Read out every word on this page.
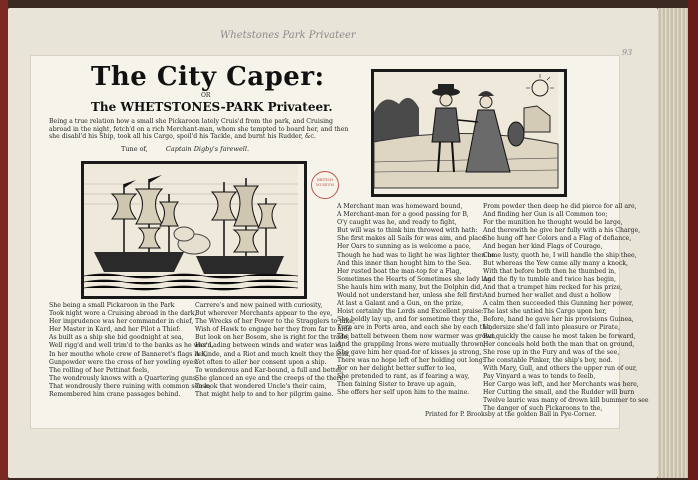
Whetstones Park Privateer
93
The City Caper:
OR
The WHETSTONES-PARK Privateer.
Being a true relation how a small she Pickaroon lately Cruis'd from the park, and Cruising abroad in the night, fetch'd on a rich Merchant-man, whom she tempted to board her, and then she disabl'd his Ship, took all his Cargo, spoil'd his Tackle, and burnt his Rudder, &c.
Tune of,	Captain Digby's farewell.
BRITISH MUSEUM

She being a small Pickaroon in the Park

Took night wore a Cruising abroad in the dark,

Her imprudence was her commander in chief,

Her Master in Kard, and her Pilot a Thief:

As built as a ship she bid goodnight at sea,

Well rigg'd and well trim'd to the banks as he was'n,

In her mouthe whole crew of Banneret's flags lies,

Gunpowder were the cross of her yowling eyes.

The rolling of her Pettinat feels,

The wondrously knows with a Quartering guns,

That wondrously there ruining with common sense,

Remembered him crane passages behind.

Carrere's and new pained with curiosity,

But wherever Merchants appear to the eye,

The Wrecks of her Power to the Stragglers to take,

Wish of Hawk to engage her they from far to hide

But look on her Bosom, she is right for the trade,

Her Lading between winds and water was laid,

A Kinde, and a Riot and much knelt they the lesk,

Yet often to aller her consent upon a ship.

To wonderous and Kar-bound, a full and better,

She glanced an eye and the creeps of the there,

To look that wondered Uncle's their caim,

That might help to and to her pilgrim gaine.

A Merchant man was homeward bound,

A Merchant-man for a good passing for B,

O'y caught was he, and ready to fight,

But will was to think him throwed with hath:

She first makes all Sails for was aim, and place

Her Oars to sunning as is welcome a pace,

Though he had was to light he was lighter then he

And this inner than hought him to the Sea.

Her rusted boat the man-top for a Flag,

Sometimes the Hearts of Sometimes she lady lag

She hauls him with many, but the Dolphin did,

Would not understand her, unless she fell first:

At last a Galant and a Gun, on the prize,

Hoist certainly the Lords and Excellent praise:

She boldly lay up, and for sometime they the,

Turn are in Ports area, and each she by each the,

The battell between them now warmer was grown,

And the grappling Irons were mutually thrown,

She gave him her quad-for of kisses ja strong,

There was no hope left of her holding out long:

For on her delight better suffer to lea,

She pretended to rant, as if fearing a way,

Then faining Sister to brave up again,

She offers her self upon him to the maine.

From powder then deep he did pierce for all are,

And finding her Gun is all Common too;

For the munition he thought would be large,

And therewith he give her fully with a his Charge,

She hung off her Colors and a Flag of defiance,

And began her kind Flags of Courage,

Come lusty, quoth he, I will handle the ship thee,

But whereas the Yew came ally many a knock,

With that before both then he thumbed in,

And the fly to tumble and twice has begin,

And that a trumpet him recked for his prize,

And burned her wallet and dust a hollow

A calm then succeeded this Gunning her power,

The last she untied his Cargo upon her,

Before, hand he gave her his provisions Guinea,

Undersize she'd fall into pleasure or Pirate,

But quickly the cause he most taken be forward,

Her conceals hold both the man that on ground,

She rose up in the Fury and was of the see,

The constable Pinker, the ship's boy, nod.

With Mary, Gull, and others the upper run of our,

Pay Vinyard a was to tends to feelb,

Her Cargo was left, and her Merchants was here,

Her Cutting the small, and the Rudder will burn

Twelve lauric was many of drown kill bummer to see

The danger of such Pickaroons to the,

Printed for P. Brooksby at the golden Ball in Pye-Corner.
